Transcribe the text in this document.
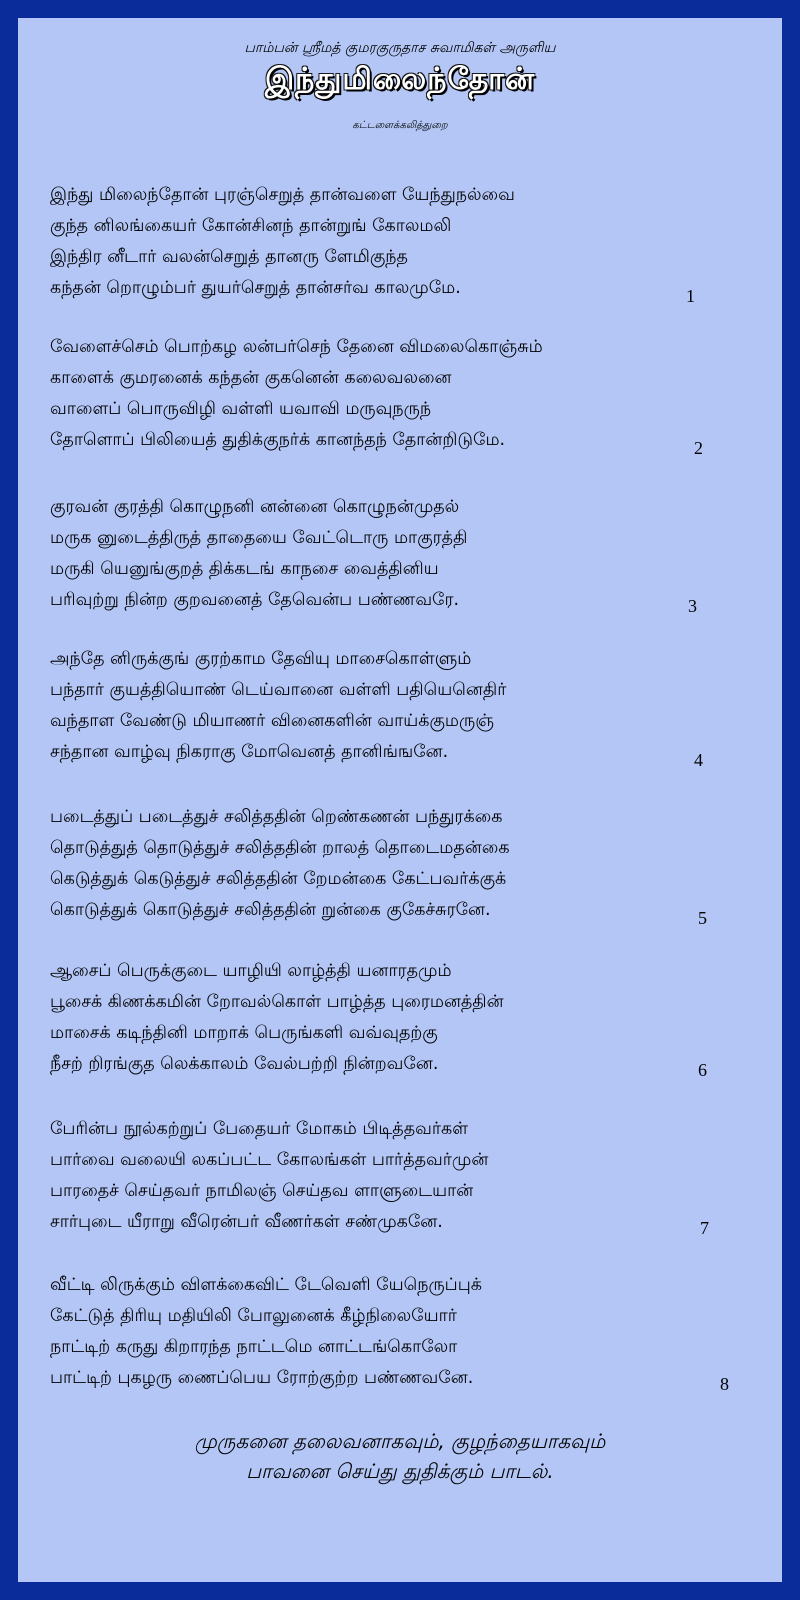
பாம்பன் ஸ்ரீமத் குமரகுருதாச சுவாமிகள் அருளிய
இந்துமிலைந்தோன்
கட்டளைக்கலித்துறை
இந்து மிலைந்தோன் புரஞ்செறுத் தான்வளை யேந்துநல்வை
குந்த னிலங்கையர் கோன்சினந் தான்றுங் கோலமலி
இந்திர னீடார் வலன்செறுத் தானரு ளேமிகுந்த
கந்தன் றொழும்பர் துயர்செறுத் தான்சர்வ காலமுமே.	1
வேளைச்செம் பொற்கழ லன்பர்செந் தேனை விமலைகொஞ்சும்
காளைக் குமரனைக் கந்தன் குகனென் கலைவலனை
வாளைப் பொருவிழி வள்ளி யவாவி மருவுநருந்
தோளொப் பிலியைத் துதிக்குநர்க் கானந்தந் தோன்றிடுமே.	2
குரவன் குரத்தி கொழுநனி னன்னை கொழுநன்முதல்
மருக னுடைத்திருத் தாதையை வேட்டொரு மாகுரத்தி
மருகி யெனுங்குறத் திக்கடங் காநசை வைத்தினிய
பரிவுற்று நின்ற குறவனைத் தேவென்ப பண்ணவரே.	3
அந்தே னிருக்குங் குரற்காம தேவியு மாசைகொள்ளும்
பந்தார் குயத்தியொண் டெய்வானை வள்ளி பதியெனெதிர்
வந்தாள வேண்டு மியாணர் வினைகளின் வாய்க்குமருஞ்
சந்தான வாழ்வு நிகராகு மோவெனத் தானிங்ஙனே.	4
படைத்துப் படைத்துச் சலித்ததின் றெண்கணன் பந்துரக்கை
தொடுத்துத் தொடுத்துச் சலித்ததின் றாலத் தொடைமதன்கை
கெடுத்துக் கெடுத்துச் சலித்ததின் றேமன்கை கேட்பவர்க்குக்
கொடுத்துக் கொடுத்துச் சலித்ததின் றுன்கை குகேச்சுரனே.	5
ஆசைப் பெருக்குடை யாழியி லாழ்த்தி யனாரதமும்
பூசைக் கிணக்கமின் றோவல்கொள் பாழ்த்த புரைமனத்தின்
மாசைக் கடிந்தினி மாறாக் பெருங்களி வவ்வுதற்கு
நீசற் றிரங்குத லெக்காலம் வேல்பற்றி நின்றவனே.	6
பேரின்ப நூல்கற்றுப் பேதையர் மோகம் பிடித்தவர்கள்
பார்வை வலையி லகப்பட்ட கோலங்கள் பார்த்தவர்முன்
பாரதைச் செய்தவர் நாமிலஞ் செய்தவ ளாளுடையான்
சார்புடை யீராறு வீரென்பர் வீணர்கள் சண்முகனே.	7
வீட்டி லிருக்கும் விளக்கைவிட் டேவெளி யேநெருப்புக்
கேட்டுத் திரியு மதியிலி போலுனைக் கீழ்நிலையோர்
நாட்டிற் கருது கிறாரந்த நாட்டமெ னாட்டங்கொலோ
பாட்டிற் புகழரு ணைப்பெய ரோற்குற்ற பண்ணவனே.	8
முருகனை தலைவனாகவும், குழந்தையாகவும்
பாவனை செய்து துதிக்கும் பாடல்.
